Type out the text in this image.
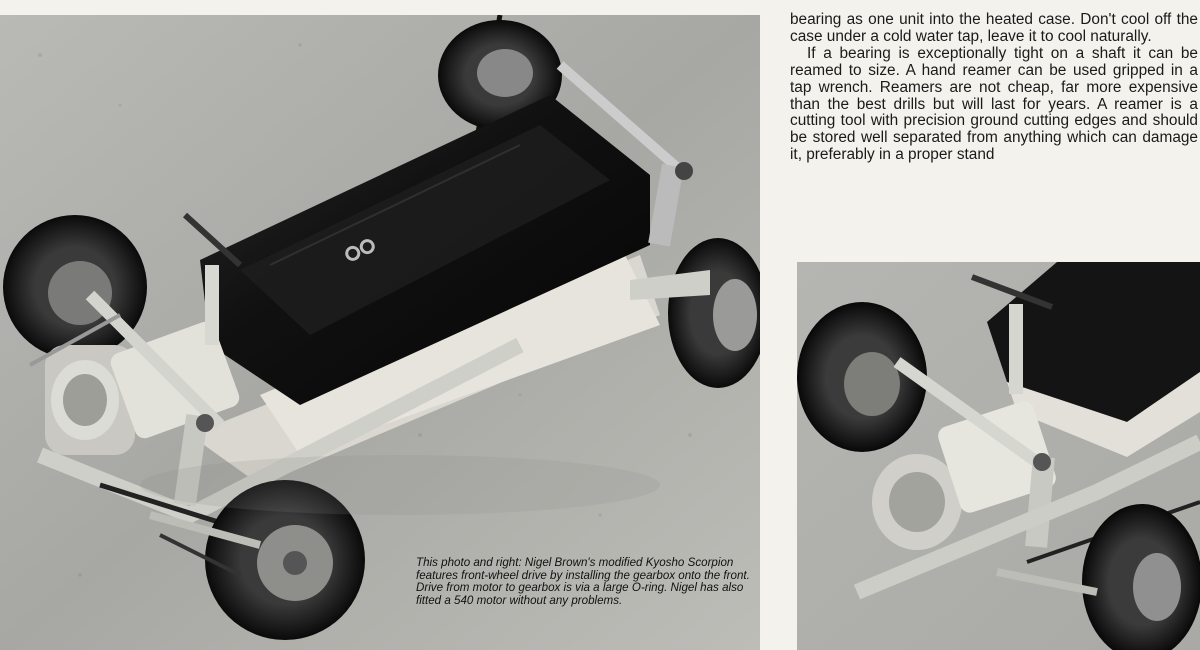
bearing as one unit into the heated case. Don't cool off the case under a cold water tap, leave it to cool naturally.

If a bearing is exceptionally tight on a shaft it can be reamed to size. A hand reamer can be used gripped in a tap wrench. Reamers are not cheap, far more expensive than the best drills but will last for years. A reamer is a cutting tool with precision ground cutting edges and should be stored well separated from anything which can damage it, preferably in a proper stand

This photo and right: Nigel Brown's modified Kyosho Scorpion features front-wheel drive by installing the gearbox onto the front. Drive from motor to gearbox is via a large O-ring. Nigel has also fitted a 540 motor without any problems.
